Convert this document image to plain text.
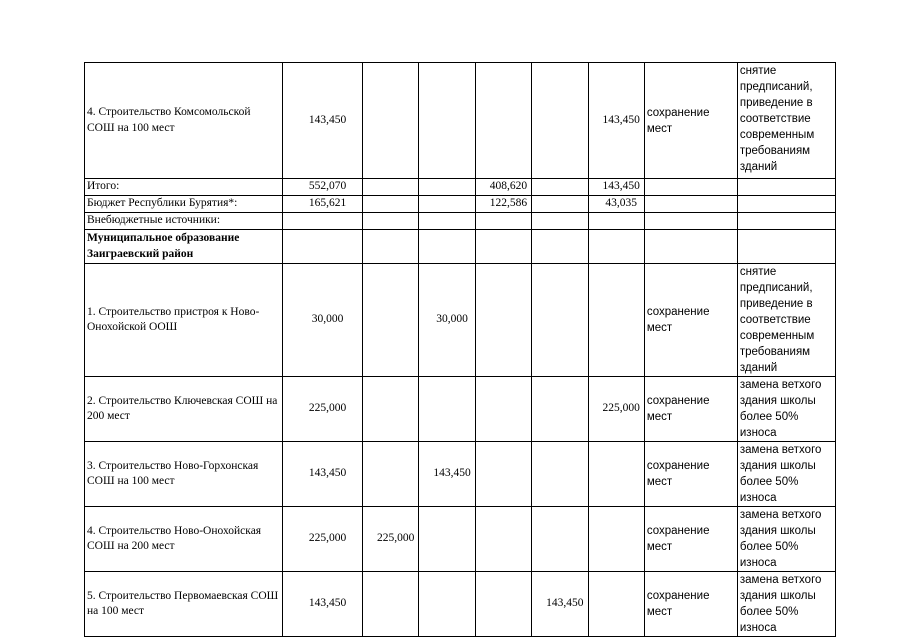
4. Строительство Комсомольской СОШ на 100 мест	143,450					143,450	сохранение мест	снятие предписаний, приведение в соответствие современным требованиям зданий
Итого:	552,070			408,620		143,450		
Бюджет Республики Бурятия*:	165,621			122,586		43,035		
Внебюджетные источники:								
Муниципальное образование Заиграевский район								
1. Строительство пристроя к Ново-Онохойской ООШ	30,000		30,000				сохранение мест	снятие предписаний, приведение в соответствие современным требованиям зданий
2. Строительство Ключевская СОШ на 200 мест	225,000					225,000	сохранение мест	замена ветхого здания школы более 50% износа
3. Строительство Ново-Горхонская СОШ на 100 мест	143,450		143,450				сохранение мест	замена ветхого здания школы более 50% износа
4. Строительство Ново-Онохойская СОШ на 200 мест	225,000	225,000					сохранение мест	замена ветхого здания школы более 50% износа
5. Строительство Первомаевская СОШ на 100 мест	143,450				143,450		сохранение мест	замена ветхого здания школы более 50% износа
